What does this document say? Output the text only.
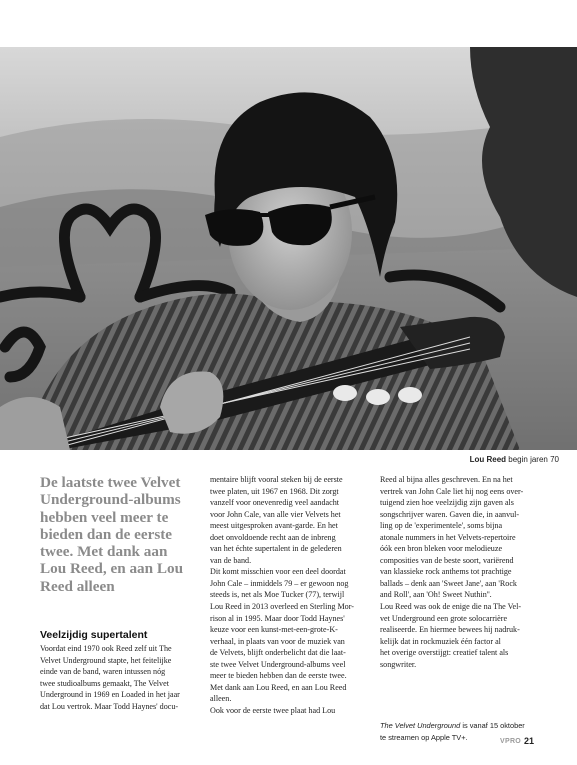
Lou Reed begin jaren 70
De laatste twee Velvet
Underground-albums
hebben veel meer te
bieden dan de eerste
twee. Met dank aan
Lou Reed, en aan Lou
Reed alleen
Veelzijdig supertalent
Voordat eind 1970 ook Reed zelf uit The
Velvet Underground stapte, het feitelijke
einde van de band, waren intussen nóg
twee studioalbums gemaakt, The Velvet
Underground in 1969 en Loaded in het jaar
dat Lou vertrok. Maar Todd Haynes' docu-
mentaire blijft vooral steken bij de eerste
twee platen, uit 1967 en 1968. Dit zorgt
vanzelf voor onevenredig veel aandacht
voor John Cale, van alle vier Velvets het
meest uitgesproken avant-garde. En het
doet onvoldoende recht aan de inbreng
van het échte supertalent in de gelederen
van de band.
Dit komt misschien voor een deel doordat
John Cale – inmiddels 79 – er gewoon nog
steeds is, net als Moe Tucker (77), terwijl
Lou Reed in 2013 overleed en Sterling Mor-
rison al in 1995. Maar door Todd Haynes'
keuze voor een kunst-met-een-grote-K-
verhaal, in plaats van voor de muziek van
de Velvets, blijft onderbelicht dat die laat-
ste twee Velvet Underground-albums veel
meer te bieden hebben dan de eerste twee.
Met dank aan Lou Reed, en aan Lou Reed
alleen.
Ook voor de eerste twee plaat had Lou
Reed al bijna alles geschreven. En na het
vertrek van John Cale liet hij nog eens over-
tuigend zien hoe veelzijdig zijn gaven als
songschrijver waren. Gaven die, in aanvul-
ling op de 'experimentele', soms bijna
atonale nummers in het Velvets-repertoire
óók een bron bleken voor melodieuze
composities van de beste soort, variërend
van klassieke rock anthems tot prachtige
ballads – denk aan 'Sweet Jane', aan 'Rock
and Roll', aan 'Oh! Sweet Nuthin''.
Lou Reed was ook de enige die na The Vel-
vet Underground een grote solocarrière
realiseerde. En hiermee bewees hij nadruk-
kelijk dat in rockmuziek één factor al
het overige overstijgt: creatief talent als
songwriter.
The Velvet Underground is vanaf 15 oktober
te streamen op Apple TV+.	VPRO 21
